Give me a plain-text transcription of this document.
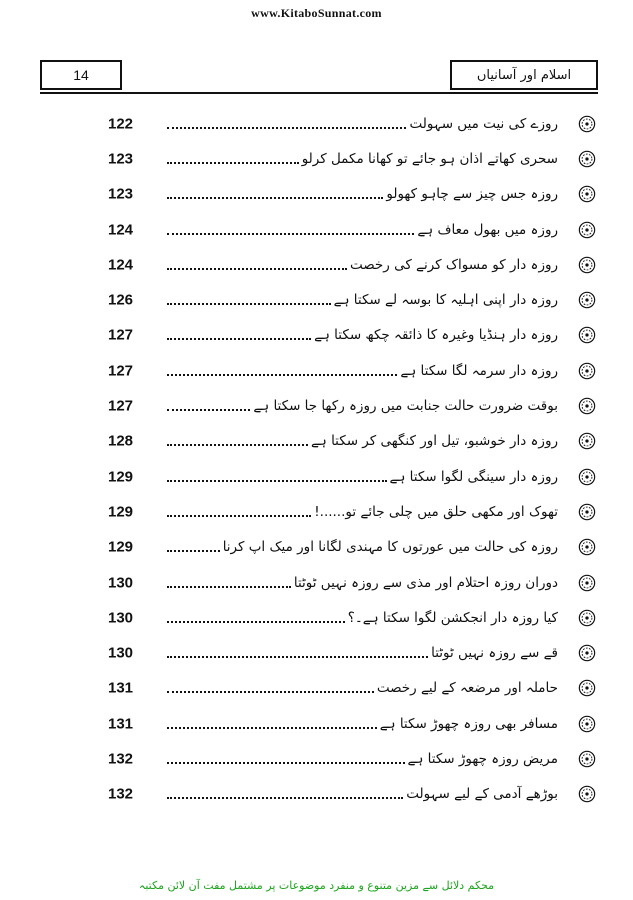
www.KitaboSunnat.com
14	اسلام اور آسانیاں
روزے کی نیت میں سہولت
122
سحری کھاتے اذان ہو جائے تو کھانا مکمل کرلو
123
روزہ جس چیز سے چاہو کھولو
123
روزہ میں بھول معاف ہے
124
روزہ دار کو مسواک کرنے کی رخصت
124
روزہ دار اپنی اہلیہ کا بوسہ لے سکتا ہے
126
روزہ دار ہنڈیا وغیرہ کا ذائقہ چکھ سکتا ہے
127
روزہ دار سرمہ لگا سکتا ہے
127
بوقت ضرورت حالت جنابت میں روزہ رکھا جا سکتا ہے
127
روزہ دار خوشبو، تیل اور کنگھی کر سکتا ہے
128
روزہ دار سینگی لگوا سکتا ہے
129
تھوک اور مکھی حلق میں چلی جائے تو......!
129
روزہ کی حالت میں عورتوں کا مہندی لگانا اور میک اپ کرنا
129
دوران روزہ احتلام اور مذی سے روزہ نہیں ٹوٹتا
130
کیا روزہ دار انجکشن لگوا سکتا ہے۔؟
130
قے سے روزہ نہیں ٹوٹتا
130
حاملہ اور مرضعہ کے لیے رخصت
131
مسافر بھی روزہ چھوڑ سکتا ہے
131
مریض روزہ چھوڑ سکتا ہے
132
بوڑھے آدمی کے لیے سہولت
132
محکم دلائل سے مزین متنوع و منفرد موضوعات پر مشتمل مفت آن لائن مکتبہ
